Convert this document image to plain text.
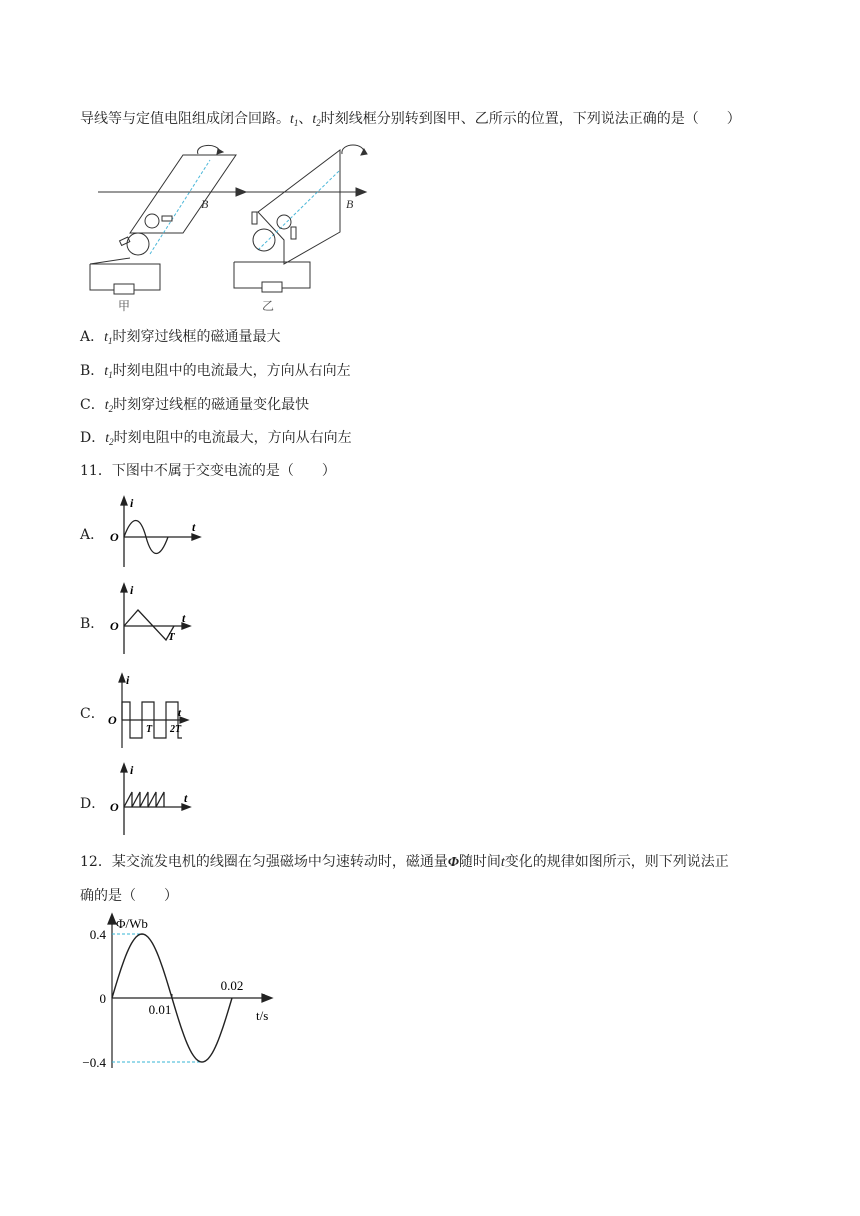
导线等与定值电阻组成闭合回路。$t_1$、$t_2$时刻线框分别转到图甲、乙所示的位置，下列说法正确的是（　　）
B	B
甲	乙
A．$t_1$时刻穿过线框的磁通量最大
B．$t_1$时刻电阻中的电流最大，方向从右向左
C．$t_2$时刻穿过线框的磁通量变化最快
D．$t_2$时刻电阻中的电流最大，方向从右向左
11．下图中不属于交变电流的是（　　）
A．
i
t
O
B．
i
t
O
T
C．
i
t
O
T 2T
D．
i
t
O
12．某交流发电机的线圈在匀强磁场中匀速转动时，磁通量Φ随时间t变化的规律如图所示，则下列说法正
确的是（　　）
Φ/Wb
t/s
0.4
0
−0.4
0.01
0.02
